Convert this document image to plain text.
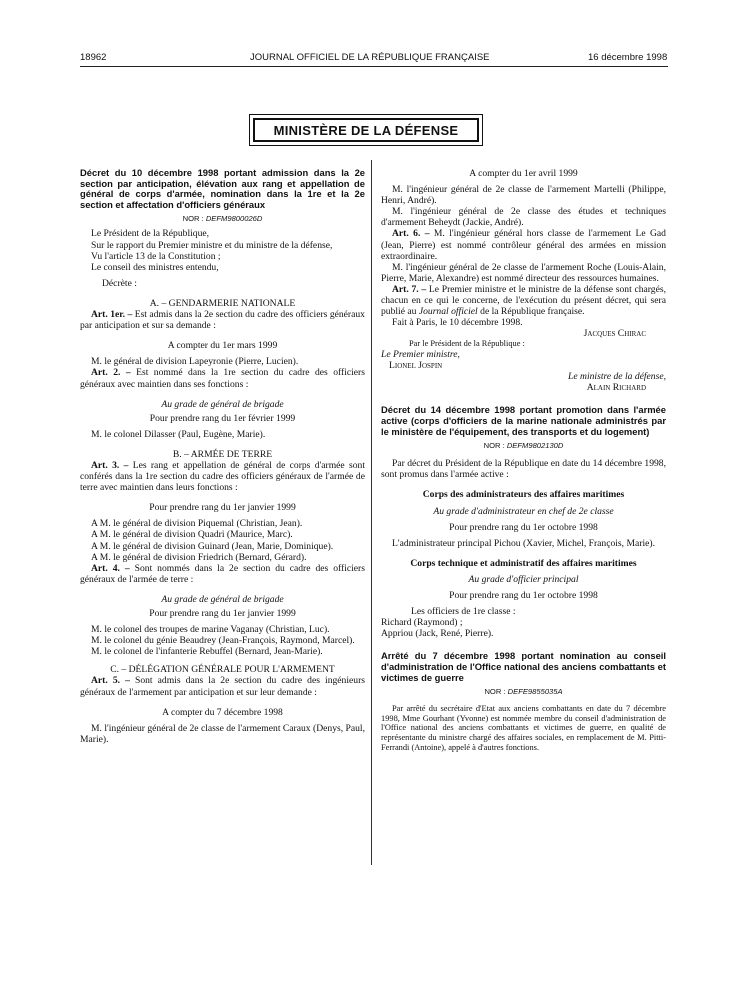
18962	JOURNAL OFFICIEL DE LA RÉPUBLIQUE FRANÇAISE	16 décembre 1998
MINISTÈRE DE LA DÉFENSE

Décret du 10 décembre 1998 portant admission dans la 2e section par anticipation, élévation aux rang et appellation de général de corps d'armée, nomination dans la 1re et la 2e section et affectation d'officiers généraux

NOR : DEFM9800026D

Le Président de la République,

Sur le rapport du Premier ministre et du ministre de la défense,

Vu l'article 13 de la Constitution ;

Le conseil des ministres entendu,

Décrète :

A. – GENDARMERIE NATIONALE

Art. 1er. – Est admis dans la 2e section du cadre des officiers généraux par anticipation et sur sa demande :

A compter du 1er mars 1999

M. le général de division Lapeyronie (Pierre, Lucien).

Art. 2. – Est nommé dans la 1re section du cadre des officiers généraux avec maintien dans ses fonctions :

Au grade de général de brigade

Pour prendre rang du 1er février 1999

M. le colonel Dilasser (Paul, Eugène, Marie).

B. – ARMÉE DE TERRE

Art. 3. – Les rang et appellation de général de corps d'armée sont conférés dans la 1re section du cadre des officiers généraux de l'armée de terre avec maintien dans leurs fonctions :

Pour prendre rang du 1er janvier 1999

A M. le général de division Piquemal (Christian, Jean).

A M. le général de division Quadri (Maurice, Marc).

A M. le général de division Guinard (Jean, Marie, Dominique).

A M. le général de division Friedrich (Bernard, Gérard).

Art. 4. – Sont nommés dans la 2e section du cadre des officiers généraux de l'armée de terre :

Au grade de général de brigade

Pour prendre rang du 1er janvier 1999

M. le colonel des troupes de marine Vaganay (Christian, Luc).

M. le colonel du génie Beaudrey (Jean-François, Raymond, Marcel).

M. le colonel de l'infanterie Rebuffel (Bernard, Jean-Marie).

C. – DÉLÉGATION GÉNÉRALE POUR L'ARMEMENT

Art. 5. – Sont admis dans la 2e section du cadre des ingénieurs généraux de l'armement par anticipation et sur leur demande :

A compter du 7 décembre 1998

M. l'ingénieur général de 2e classe de l'armement Caraux (Denys, Paul, Marie).

A compter du 1er avril 1999

M. l'ingénieur général de 2e classe de l'armement Martelli (Philippe, Henri, André).

M. l'ingénieur général de 2e classe des études et techniques d'armement Beheydt (Jackie, André).

Art. 6. – M. l'ingénieur général hors classe de l'armement Le Gad (Jean, Pierre) est nommé contrôleur général des armées en mission extraordinaire.

M. l'ingénieur général de 2e classe de l'armement Roche (Louis-Alain, Pierre, Marie, Alexandre) est nommé directeur des ressources humaines.

Art. 7. – Le Premier ministre et le ministre de la défense sont chargés, chacun en ce qui le concerne, de l'exécution du présent décret, qui sera publié au Journal officiel de la République française.

Fait à Paris, le 10 décembre 1998.

Jacques Chirac

Par le Président de la République :

Le Premier ministre,

Lionel Jospin

Le ministre de la défense,

Alain Richard

Décret du 14 décembre 1998 portant promotion dans l'armée active (corps d'officiers de la marine nationale administrés par le ministère de l'équipement, des transports et du logement)

NOR : DEFM9802130D

Par décret du Président de la République en date du 14 décembre 1998, sont promus dans l'armée active :

Corps des administrateurs des affaires maritimes

Au grade d'administrateur en chef de 2e classe

Pour prendre rang du 1er octobre 1998

L'administrateur principal Pichou (Xavier, Michel, François, Marie).

Corps technique et administratif des affaires maritimes

Au grade d'officier principal

Pour prendre rang du 1er octobre 1998

Les officiers de 1re classe :

Richard (Raymond) ;

Appriou (Jack, René, Pierre).

Arrêté du 7 décembre 1998 portant nomination au conseil d'administration de l'Office national des anciens combattants et victimes de guerre

NOR : DEFE9855035A

Par arrêté du secrétaire d'Etat aux anciens combattants en date du 7 décembre 1998, Mme Gourhant (Yvonne) est nommée membre du conseil d'administration de l'Office national des anciens combattants et victimes de guerre, en qualité de représentante du ministre chargé des affaires sociales, en remplacement de M. Pitti-Ferrandi (Antoine), appelé à d'autres fonctions.
